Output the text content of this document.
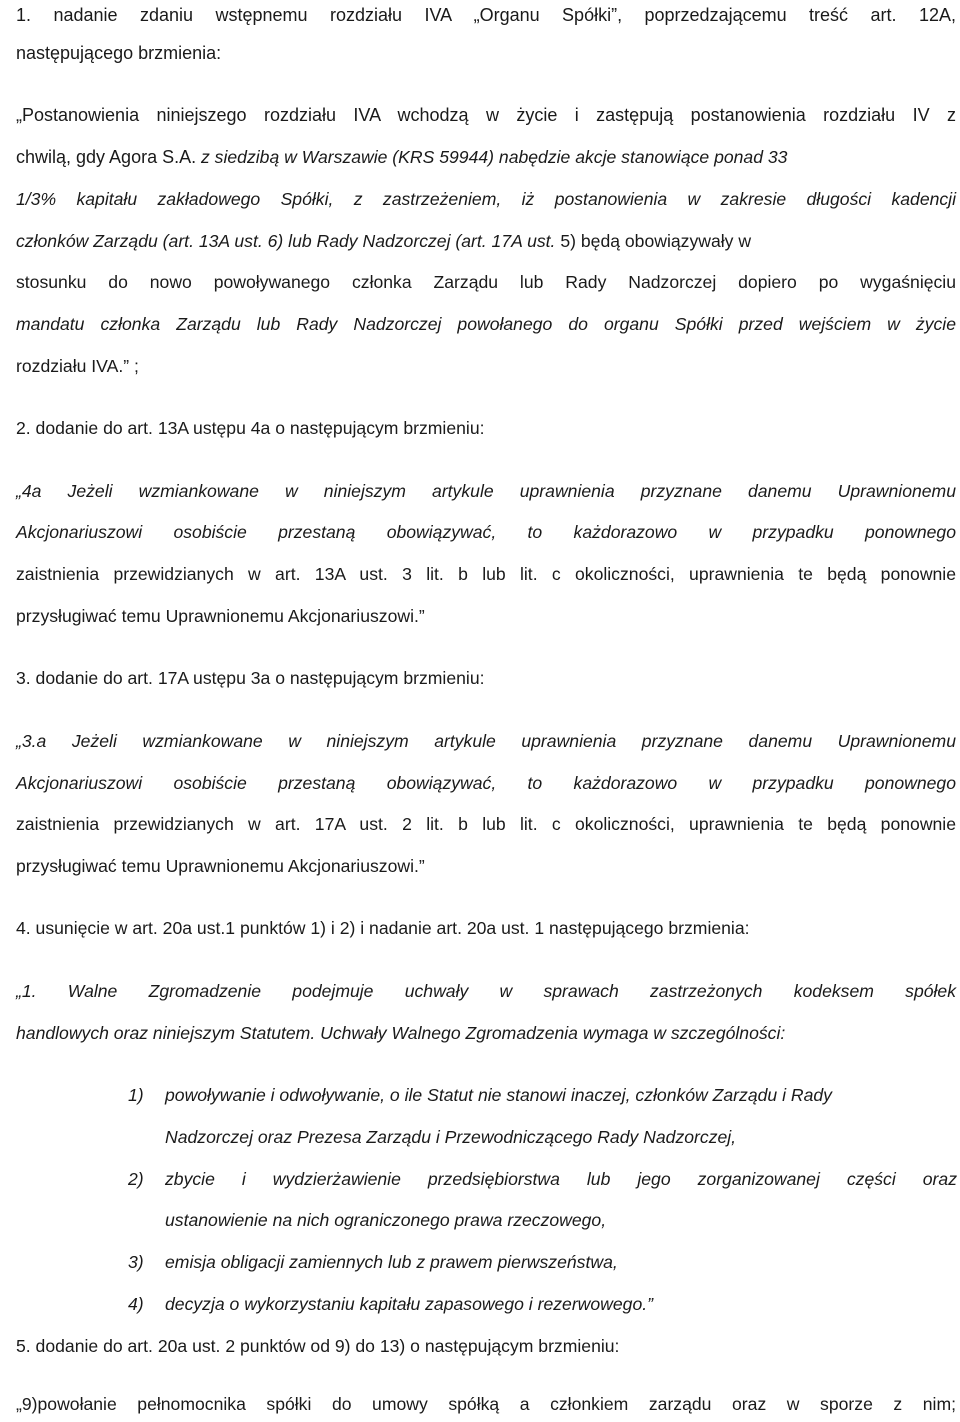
1. nadanie zdaniu wstępnemu rozdziału IVA „Organu Spółki”, poprzedzającemu treść art. 12A,
następującego brzmienia:
„Postanowienia niniejszego rozdziału IVA wchodzą w życie i zastępują postanowienia rozdziału IV z
chwilą, gdy Agora S.A. z siedzibą w Warszawie (KRS 59944) nabędzie akcje stanowiące ponad 33
1/3% kapitału zakładowego Spółki, z zastrzeżeniem, iż postanowienia w zakresie długości kadencji
członków Zarządu (art. 13A ust. 6) lub Rady Nadzorczej (art. 17A ust. 5) będą obowiązywały w
stosunku do nowo powoływanego członka Zarządu lub Rady Nadzorczej dopiero po wygaśnięciu
mandatu członka Zarządu lub Rady Nadzorczej powołanego do organu Spółki przed wejściem w życie
rozdziału IVA.” ;
2. dodanie do art. 13A ustępu 4a o następującym brzmieniu:
„4a Jeżeli wzmiankowane w niniejszym artykule uprawnienia przyznane danemu Uprawnionemu
Akcjonariuszowi osobiście przestaną obowiązywać, to każdorazowo w przypadku ponownego
zaistnienia przewidzianych w art. 13A ust. 3 lit. b lub lit. c okoliczności, uprawnienia te będą ponownie
przysługiwać temu Uprawnionemu Akcjonariuszowi.”
3. dodanie do art. 17A ustępu 3a o następującym brzmieniu:
„3.a Jeżeli wzmiankowane w niniejszym artykule uprawnienia przyznane danemu Uprawnionemu
Akcjonariuszowi osobiście przestaną obowiązywać, to każdorazowo w przypadku ponownego
zaistnienia przewidzianych w art. 17A ust. 2 lit. b lub lit. c okoliczności, uprawnienia te będą ponownie
przysługiwać temu Uprawnionemu Akcjonariuszowi.”
4. usunięcie w art. 20a ust.1 punktów 1) i 2) i nadanie art. 20a ust. 1 następującego brzmienia:
„1. Walne Zgromadzenie podejmuje uchwały w sprawach zastrzeżonych kodeksem spółek
handlowych oraz niniejszym Statutem. Uchwały Walnego Zgromadzenia wymaga w szczególności:
1) powoływanie i odwoływanie, o ile Statut nie stanowi inaczej, członków Zarządu i Rady
Nadzorczej oraz Prezesa Zarządu i Przewodniczącego Rady Nadzorczej,
2) zbycie i wydzierżawienie przedsiębiorstwa lub jego zorganizowanej części oraz
ustanowienie na nich ograniczonego prawa rzeczowego,
3) emisja obligacji zamiennych lub z prawem pierwszeństwa,
4) decyzja o wykorzystaniu kapitału zapasowego i rezerwowego.”
5. dodanie do art. 20a ust. 2 punktów od 9) do 13) o następującym brzmieniu:
„9)powołanie pełnomocnika spółki do umowy spółką a członkiem zarządu oraz w sporze z nim;
